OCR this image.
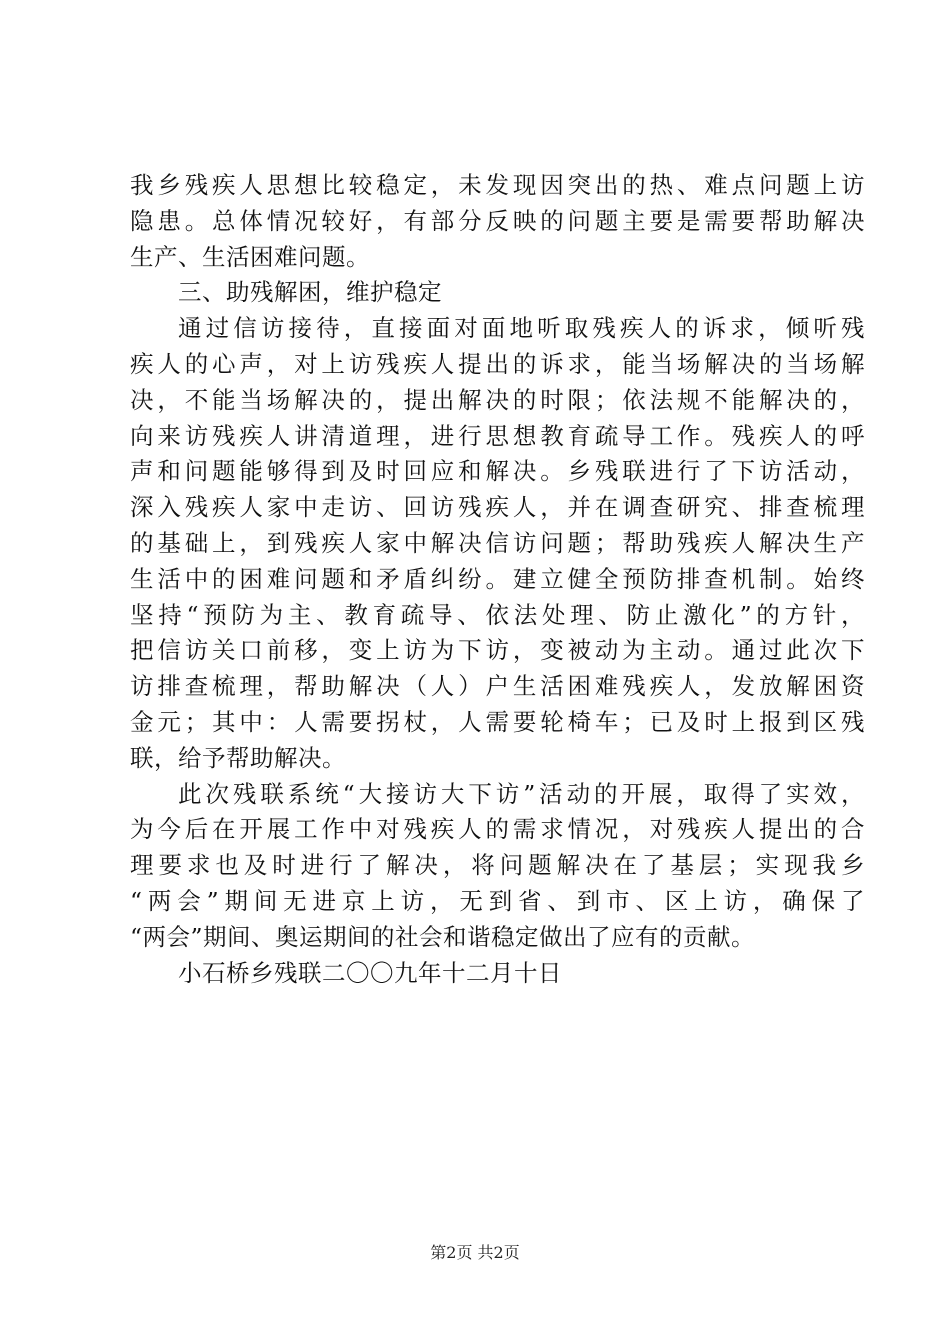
我乡残疾人思想比较稳定，未发现因突出的热、难点问题上访
隐患。总体情况较好，有部分反映的问题主要是需要帮助解决
生产、生活困难问题。
三、助残解困，维护稳定
通过信访接待，直接面对面地听取残疾人的诉求，倾听残
疾人的心声，对上访残疾人提出的诉求，能当场解决的当场解
决，不能当场解决的，提出解决的时限；依法规不能解决的，
向来访残疾人讲清道理，进行思想教育疏导工作。残疾人的呼
声和问题能够得到及时回应和解决。乡残联进行了下访活动，
深入残疾人家中走访、回访残疾人，并在调查研究、排查梳理
的基础上，到残疾人家中解决信访问题；帮助残疾人解决生产
生活中的困难问题和矛盾纠纷。建立健全预防排查机制。始终
坚持“预防为主、教育疏导、依法处理、防止激化”的方针，
把信访关口前移，变上访为下访，变被动为主动。通过此次下
访排查梳理，帮助解决（人）户生活困难残疾人，发放解困资
金元；其中：人需要拐杖，人需要轮椅车；已及时上报到区残
联，给予帮助解决。
此次残联系统“大接访大下访”活动的开展，取得了实效，
为今后在开展工作中对残疾人的需求情况，对残疾人提出的合
理要求也及时进行了解决，将问题解决在了基层；实现我乡
“两会”期间无进京上访，无到省、到市、区上访，确保了
“两会”期间、奥运期间的社会和谐稳定做出了应有的贡献。
小石桥乡残联二〇〇九年十二月十日
第2页 共2页
